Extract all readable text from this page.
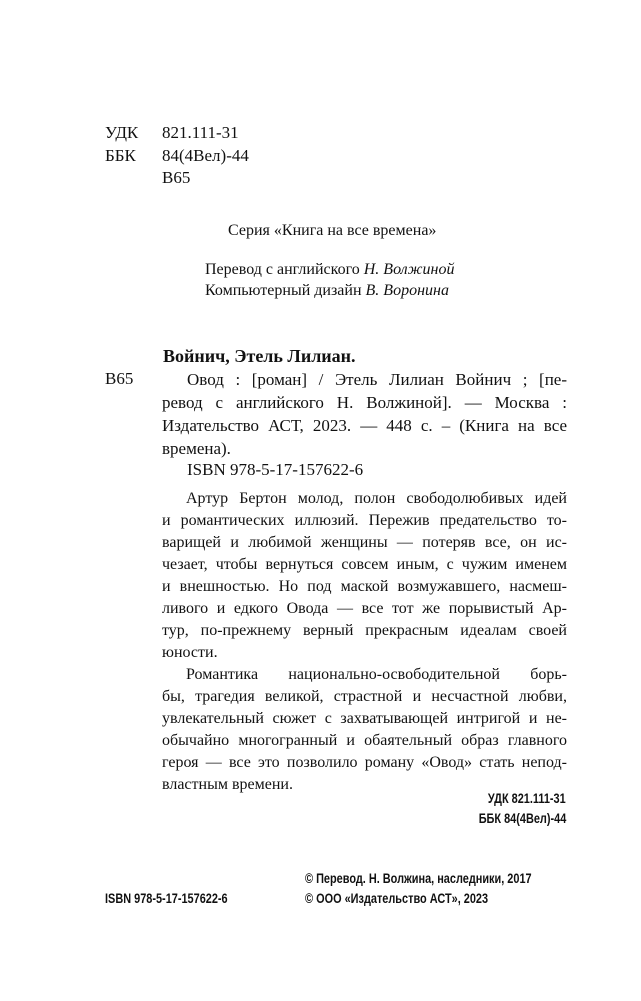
УДК 821.111-31
ББК 84(4Вел)-44
В65
Серия «Книга на все времена»
Перевод с английского Н. Волжиной
Компьютерный дизайн В. Воронина
Войнич, Этель Лилиан.
В65	Овод : [роман] / Этель Лилиан Войнич ; [пе-
ревод с английского Н. Волжиной]. — Москва :
Издательство АСТ, 2023. — 448 с. – (Книга на все
времена).
ISBN 978-5-17-157622-6
Артур Бертон молод, полон свободолюбивых идей
и романтических иллюзий. Пережив предательство то-
варищей и любимой женщины — потеряв все, он ис-
чезает, чтобы вернуться совсем иным, с чужим именем
и внешностью. Но под маской возмужавшего, насмеш-
ливого и едкого Овода — все тот же порывистый Ар-
тур, по-прежнему верный прекрасным идеалам своей
юности.
Романтика национально-освободительной борь-
бы, трагедия великой, страстной и несчастной любви,
увлекательный сюжет с захватывающей интригой и не-
обычайно многогранный и обаятельный образ главного
героя — все это позволило роману «Овод» стать непод-
властным времени.
УДК 821.111-31
ББК 84(4Вел)-44
ISBN 978-5-17-157622-6
© Перевод. Н. Волжина, наследники, 2017
© ООО «Издательство АСТ», 2023
